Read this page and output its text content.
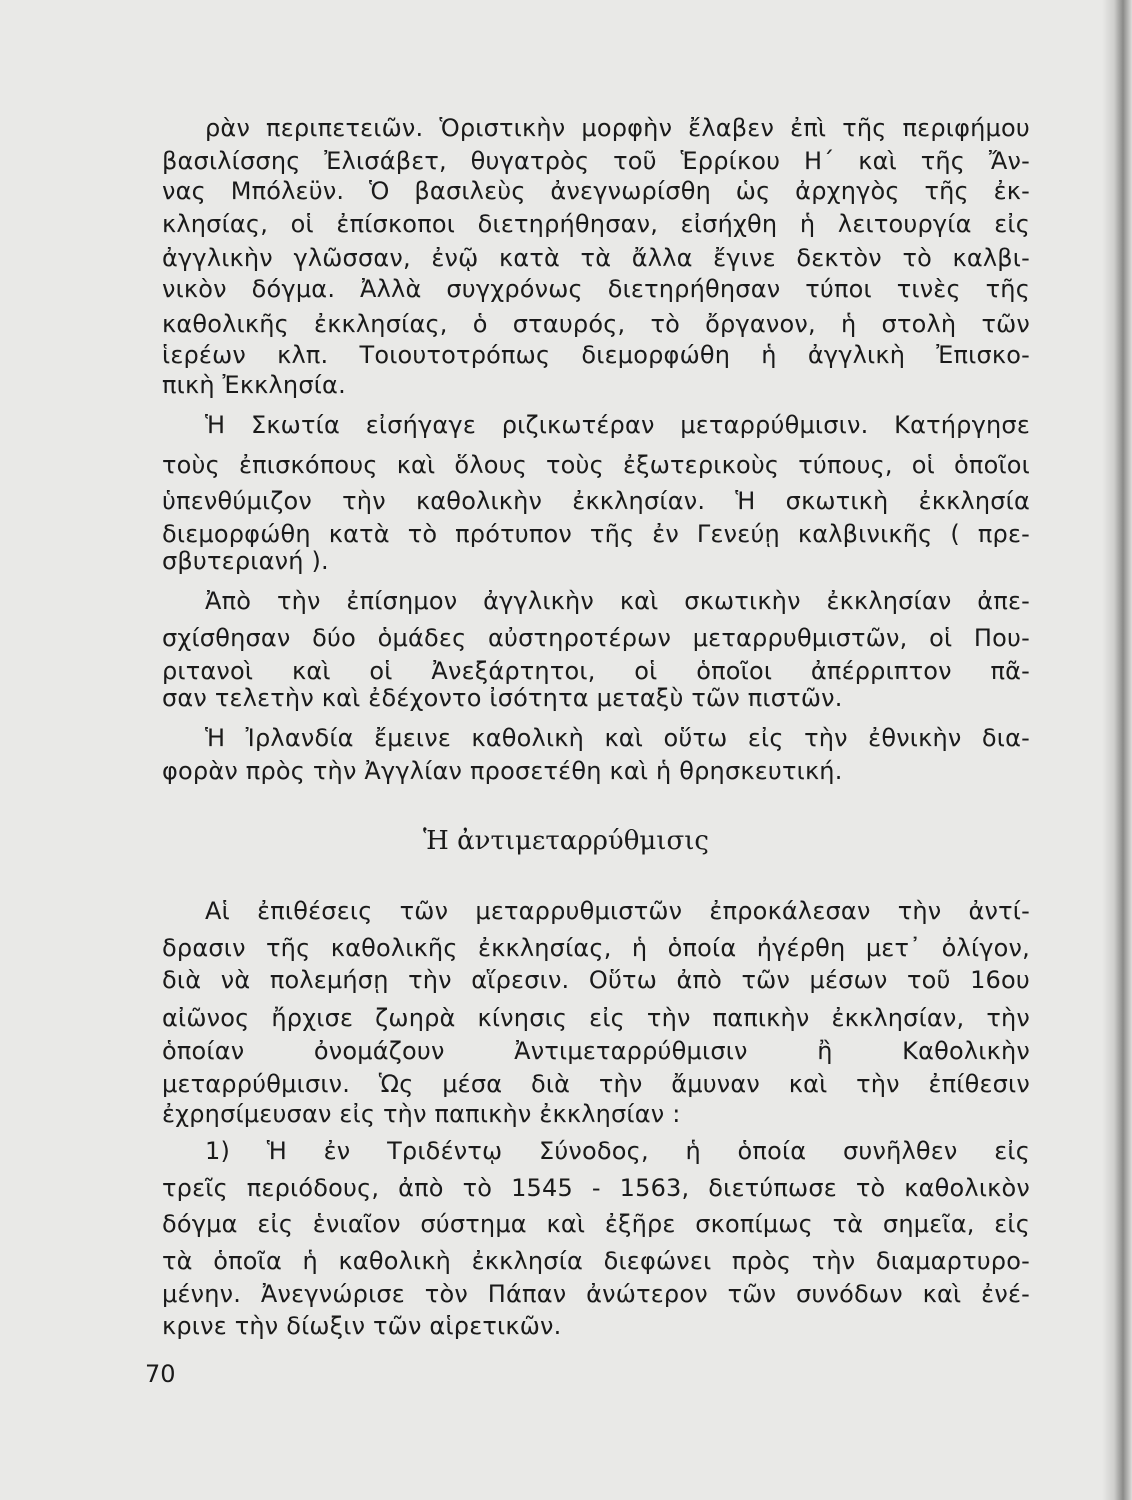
ρὰν περιπετειῶν. Ὁριστικὴν μορφὴν ἔλαβεν ἐπὶ τῆς περιφήμου
βασιλίσσης Ἐλισάβετ, θυγατρὸς τοῦ Ἑρρίκου Η΄ καὶ τῆς Ἄν-
νας Μπόλεϋν. Ὁ βασιλεὺς ἀνεγνωρίσθη ὡς ἀρχηγὸς τῆς ἐκ-
κλησίας, οἱ ἐπίσκοποι διετηρήθησαν, εἰσήχθη ἡ λειτουργία εἰς
ἀγγλικὴν γλῶσσαν, ἐνῷ κατὰ τὰ ἄλλα ἔγινε δεκτὸν τὸ καλβι-
νικὸν δόγμα. Ἀλλὰ συγχρόνως διετηρήθησαν τύποι τινὲς τῆς
καθολικῆς ἐκκλησίας, ὁ σταυρός, τὸ ὄργανον, ἡ στολὴ τῶν
ἱερέων κλπ. Τοιουτοτρόπως διεμορφώθη ἡ ἀγγλικὴ Ἐπισκο-
πικὴ Ἐκκλησία.
Ἡ Σκωτία εἰσήγαγε ριζικωτέραν μεταρρύθμισιν. Κατήργησε
τοὺς ἐπισκόπους καὶ ὅλους τοὺς ἐξωτερικοὺς τύπους, οἱ ὁποῖοι
ὑπενθύμιζον τὴν καθολικὴν ἐκκλησίαν. Ἡ σκωτικὴ ἐκκλησία
διεμορφώθη κατὰ τὸ πρότυπον τῆς ἐν Γενεύῃ καλβινικῆς ( πρε-
σβυτεριανή ).
Ἀπὸ τὴν ἐπίσημον ἀγγλικὴν καὶ σκωτικὴν ἐκκλησίαν ἀπε-
σχίσθησαν δύο ὁμάδες αὐστηροτέρων μεταρρυθμιστῶν, οἱ Που-
ριτανοὶ καὶ οἱ Ἀνεξάρτητοι, οἱ ὁποῖοι ἀπέρριπτον πᾶ-
σαν τελετὴν καὶ ἐδέχοντο ἰσότητα μεταξὺ τῶν πιστῶν.
Ἡ Ἰρλανδία ἔμεινε καθολικὴ καὶ οὕτω εἰς τὴν ἐθνικὴν δια-
φορὰν πρὸς τὴν Ἀγγλίαν προσετέθη καὶ ἡ θρησκευτική.
Αἱ ἐπιθέσεις τῶν μεταρρυθμιστῶν ἐπροκάλεσαν τὴν ἀντί-
δρασιν τῆς καθολικῆς ἐκκλησίας, ἡ ὁποία ἠγέρθη μετ᾽ ὀλίγον,
διὰ νὰ πολεμήσῃ τὴν αἵρεσιν. Οὕτω ἀπὸ τῶν μέσων τοῦ 16ου
αἰῶνος ἤρχισε ζωηρὰ κίνησις εἰς τὴν παπικὴν ἐκκλησίαν, τὴν
ὁποίαν ὀνομάζουν Ἀντιμεταρρύθμισιν ἢ Καθολικὴν
μεταρρύθμισιν. Ὡς μέσα διὰ τὴν ἄμυναν καὶ τὴν ἐπίθεσιν
ἐχρησίμευσαν εἰς τὴν παπικὴν ἐκκλησίαν :
1) Ἡ ἐν Τριδέντῳ Σύνοδος, ἡ ὁποία συνῆλθεν εἰς
τρεῖς περιόδους, ἀπὸ τὸ 1545 - 1563, διετύπωσε τὸ καθολικὸν
δόγμα εἰς ἑνιαῖον σύστημα καὶ ἐξῆρε σκοπίμως τὰ σημεῖα, εἰς
τὰ ὁποῖα ἡ καθολικὴ ἐκκλησία διεφώνει πρὸς τὴν διαμαρτυρο-
μένην. Ἀνεγνώρισε τὸν Πάπαν ἀνώτερον τῶν συνόδων καὶ ἐνέ-
κρινε τὴν δίωξιν τῶν αἱρετικῶν.
Ἡ ἀντιμεταρρύθμισις
70
